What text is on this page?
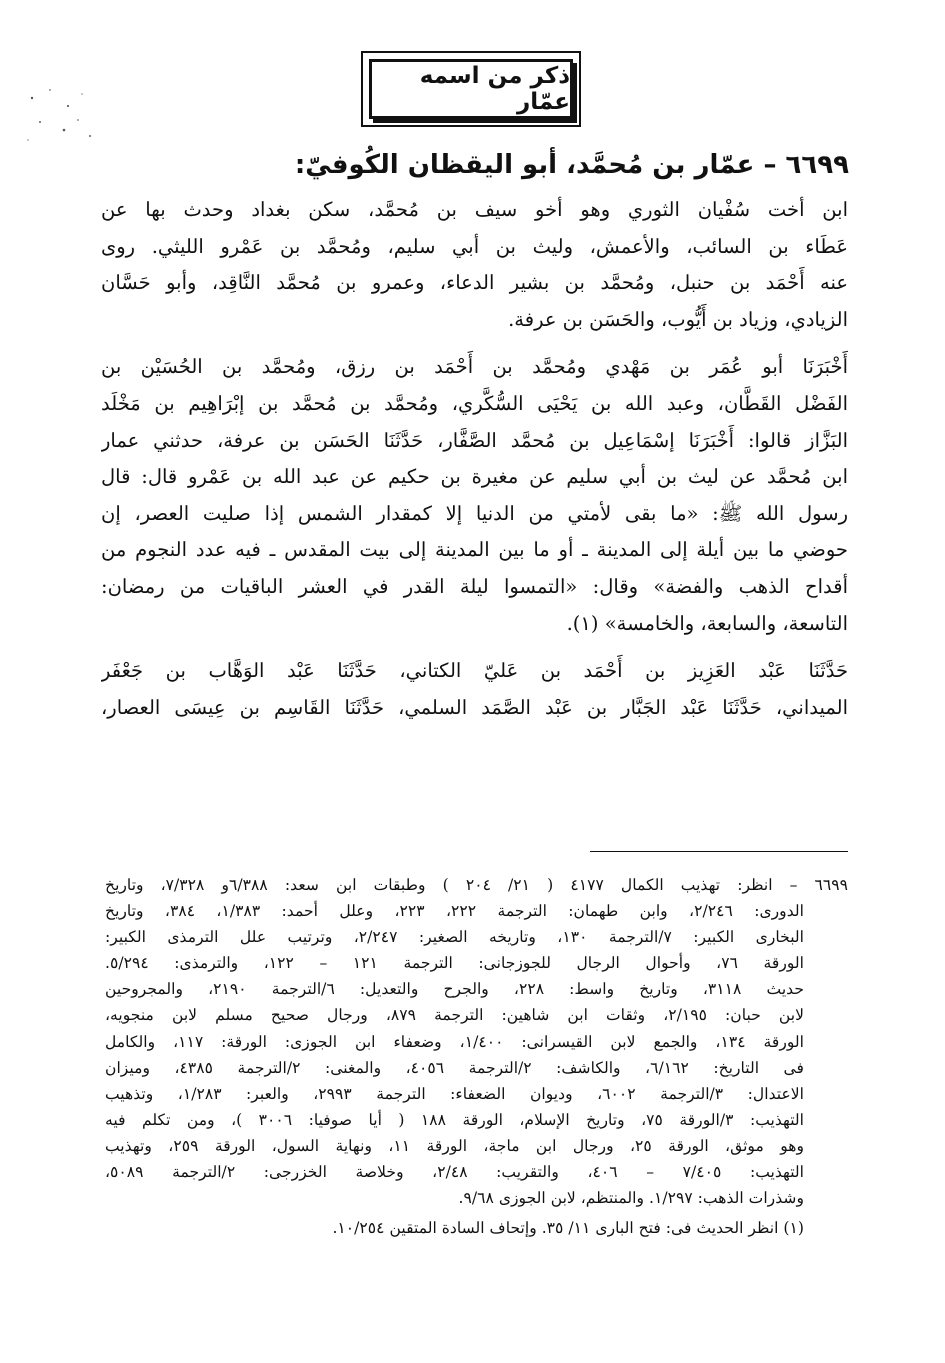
ذكر من اسمه عمّار
٦٦٩٩ – عمّار بن مُحمَّد، أبو اليقظان الكُوفيّ:
ابن أخت سُفْيان الثوري وهو أخو سيف بن مُحمَّد، سكن بغداد وحدث بها عن
عَطَاء بن السائب، والأعمش، وليث بن أبي سليم، ومُحمَّد بن عَمْرو الليثي. روى
عنه أَحْمَد بن حنبل، ومُحمَّد بن بشير الدعاء، وعمرو بن مُحمَّد النَّاقِد، وأبو حَسَّان
الزيادي، وزياد بن أَيُّوب، والحَسَن بن عرفة.
أَخْبَرَنَا أبو عُمَر بن مَهْدي ومُحمَّد بن أَحْمَد بن رزق، ومُحمَّد بن الحُسَيْن بن
الفَضْل القَطَّان، وعبد الله بن يَحْيَى السُّكَّري، ومُحمَّد بن مُحمَّد بن إبْرَاهِيم بن مَخْلَد
البَزَّاز قالوا: أَخْبَرَنَا إسْمَاعِيل بن مُحمَّد الصَّفَّار، حَدَّثَنَا الحَسَن بن عرفة، حدثني عمار
ابن مُحمَّد عن ليث بن أبي سليم عن مغيرة بن حكيم عن عبد الله بن عَمْرو قال: قال
رسول الله ﷺ: «ما بقى لأمتي من الدنيا إلا كمقدار الشمس إذا صليت العصر، إن
حوضي ما بين أيلة إلى المدينة ـ أو ما بين المدينة إلى بيت المقدس ـ فيه عدد النجوم من
أقداح الذهب والفضة» وقال: «التمسوا ليلة القدر في العشر الباقيات من رمضان:
التاسعة، والسابعة، والخامسة» (١).
حَدَّثَنَا عَبْد العَزِيز بن أَحْمَد بن عَليّ الكتاني، حَدَّثَنَا عَبْد الوَهَّاب بن جَعْفَر
الميداني، حَدَّثَنَا عَبْد الجَبَّار بن عَبْد الصَّمَد السلمي، حَدَّثَنَا القَاسِم بن عِيسَى العصار،
٦٦٩٩ – انظر: تهذيب الكمال ٤١٧٧ ( ٢١/ ٢٠٤ ) وطبقات ابن سعد: ٦/٣٨٨و ٧/٣٢٨، وتاريخ
الدورى: ٢/٢٤٦، وابن طهمان: الترجمة ٢٢٢، ٢٢٣، وعلل أحمد: ١/٣٨٣، ٣٨٤، وتاريخ
البخارى الكبير: ٧/الترجمة ١٣٠، وتاريخه الصغير: ٢/٢٤٧، وترتيب علل الترمذى الكبير:
الورقة ٧٦، وأحوال الرجال للجوزجانى: الترجمة ١٢١ – ١٢٢، والترمذى: ٥/٢٩٤.
حديث ٣١١٨، وتاريخ واسط: ٢٢٨، والجرح والتعديل: ٦/الترجمة ٢١٩٠، والمجروحين
لابن حبان: ٢/١٩٥، وثقات ابن شاهين: الترجمة ٨٧٩، ورجال صحيح مسلم لابن منجويه،
الورقة ١٣٤، والجمع لابن القيسرانى: ١/٤٠٠، وضعفاء ابن الجوزى: الورقة: ١١٧، والكامل
فى التاريخ: ٦/١٦٢، والكاشف: ٢/الترجمة ٤٠٥٦، والمغنى: ٢/الترجمة ٤٣٨٥، وميزان
الاعتدال: ٣/الترجمة ٦٠٠٢، وديوان الضعفاء: الترجمة ٢٩٩٣، والعبر: ١/٢٨٣، وتذهيب
التهذيب: ٣/الورقة ٧٥، وتاريخ الإسلام، الورقة ١٨٨ ( أيا صوفيا: ٣٠٠٦ )، ومن تكلم فيه
وهو موثق، الورقة ٢٥، ورجال ابن ماجة، الورقة ١١، ونهاية السول، الورقة ٢٥٩، وتهذيب
التهذيب: ٧/٤٠٥ – ٤٠٦، والتقريب: ٢/٤٨، وخلاصة الخزرجى: ٢/الترجمة ٥٠٨٩،
وشذرات الذهب: ١/٢٩٧. والمنتظم، لابن الجوزى ٩/٦٨.
(١) انظر الحديث فى: فتح البارى ١١/ ٣٥. وإتحاف السادة المتقين ١٠/٢٥٤.
